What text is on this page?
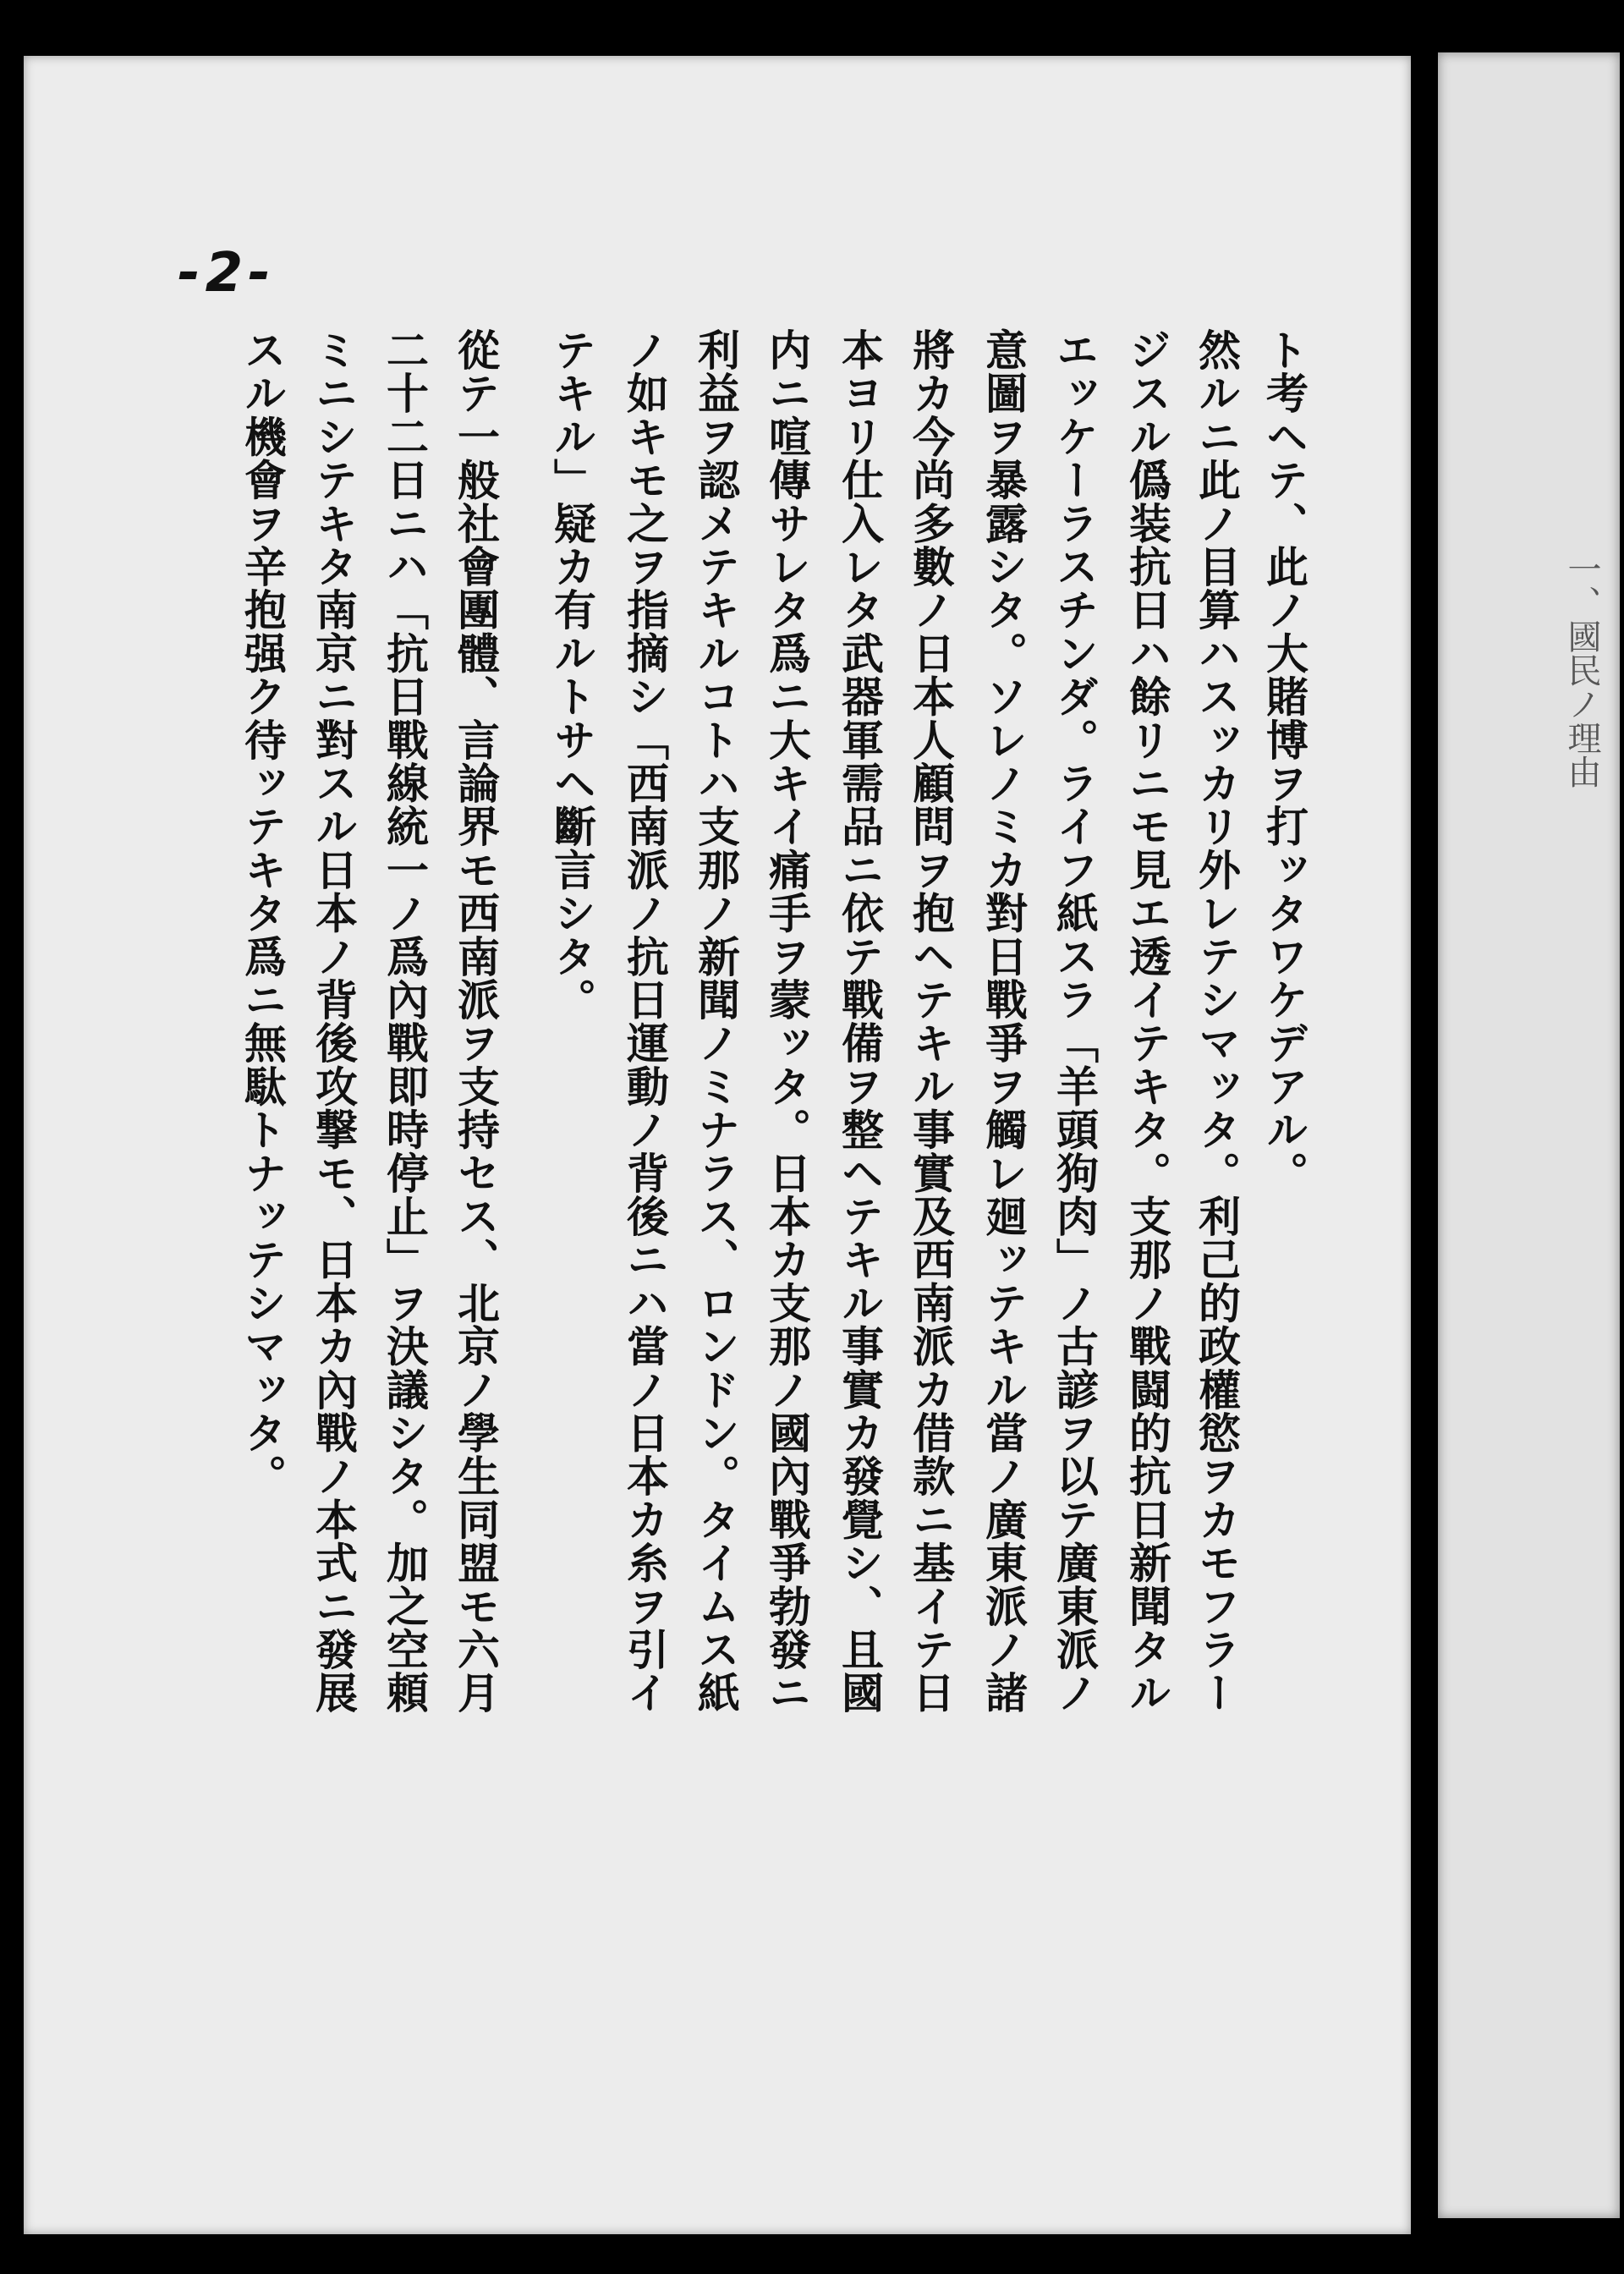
-2-
ト考ヘテ、此ノ大賭博ヲ打ッタワケデアル。
然ルニ此ノ目算ハスッカリ外レテシマッタ。利己的政權慾ヲカモフラー
ジスル僞装抗日ハ餘リニモ見エ透イテキタ。支那ノ戰闘的抗日新聞タル
エッケーラスチンダ。ライフ紙スラ「羊頭狗肉」ノ古諺ヲ以テ廣東派ノ
意圖ヲ暴露シタ。ソレノミカ對日戰爭ヲ觸レ廻ッテキル當ノ廣東派ノ諸
將カ今尚多數ノ日本人顧問ヲ抱ヘテキル事實及西南派カ借款ニ基イテ日
本ヨリ仕入レタ武器軍需品ニ依テ戰備ヲ整ヘテキル事實カ發覺シ、且國
内ニ喧傳サレタ爲ニ大キイ痛手ヲ蒙ッタ。日本カ支那ノ國內戰爭勃發ニ
利益ヲ認メテキルコトハ支那ノ新聞ノミナラス、ロンドン。タイムス紙
ノ如キモ之ヲ指摘シ「西南派ノ抗日運動ノ背後ニハ當ノ日本カ糸ヲ引イ
テキル」疑カ有ルトサヘ斷言シタ。
從テ一般社會團體、言論界モ西南派ヲ支持セス、北京ノ學生同盟モ六月
二十二日ニハ「抗日戰線統一ノ爲內戰即時停止」ヲ決議シタ。加之空頼
ミニシテキタ南京ニ對スル日本ノ背後攻撃モ、日本カ內戰ノ本式ニ發展
スル機會ヲ辛抱强ク待ッテキタ爲ニ無駄トナッテシマッタ。	一、國民ノ理由
